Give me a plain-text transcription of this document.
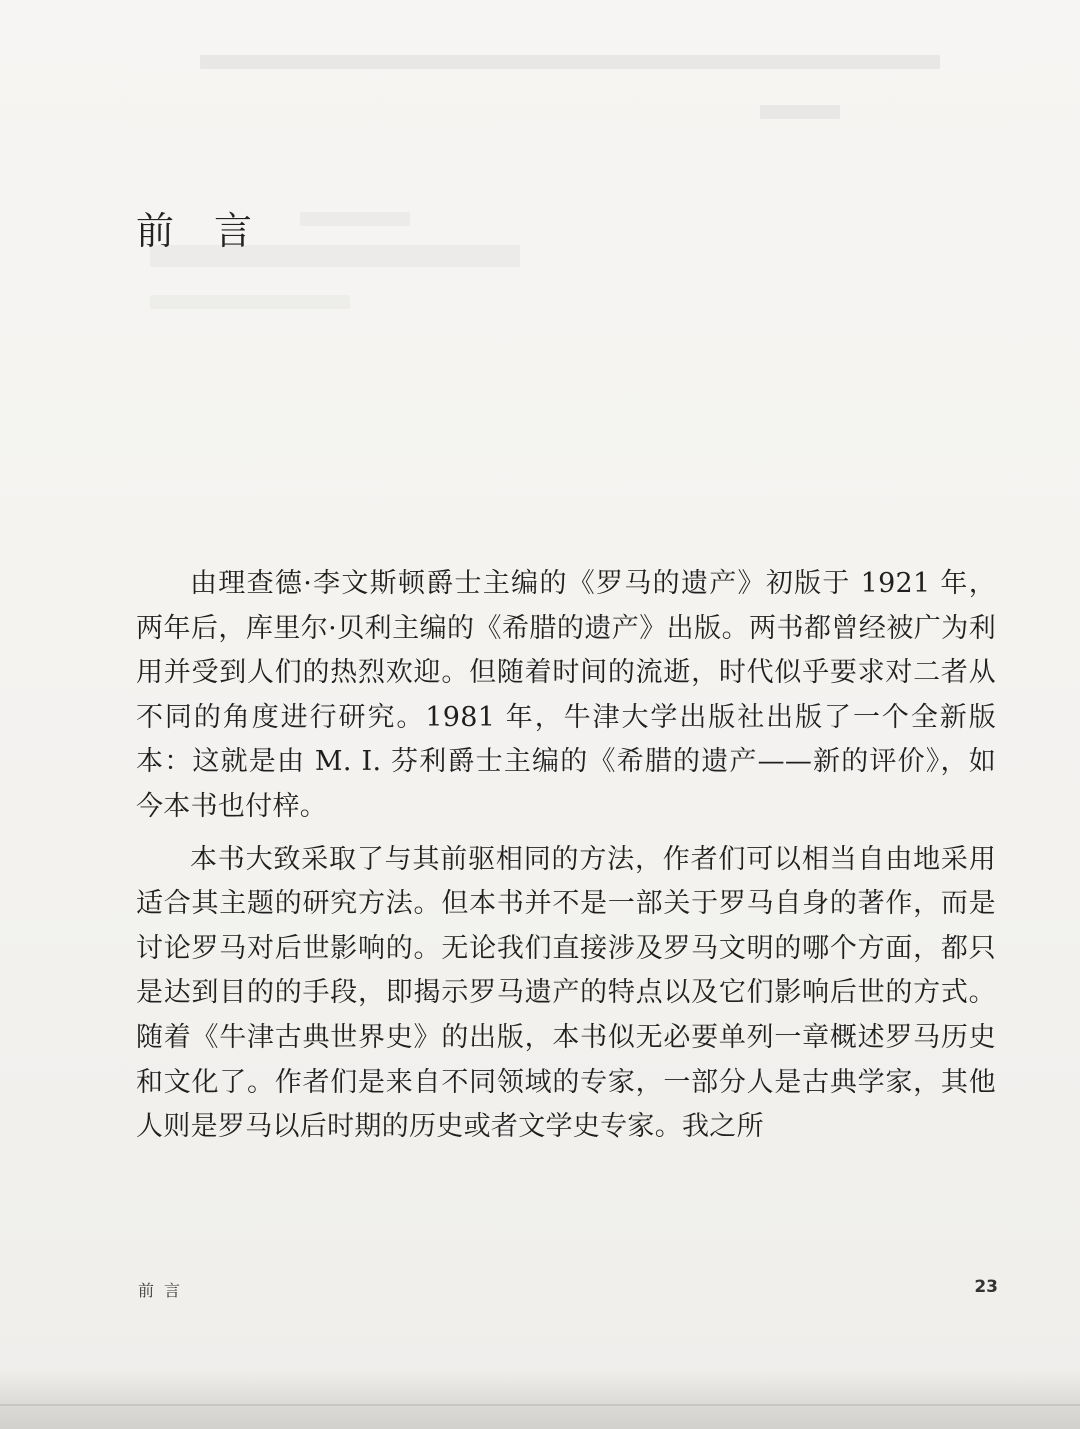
前言

由理查德·李文斯顿爵士主编的《罗马的遗产》初版于 1921 年，两年后，库里尔·贝利主编的《希腊的遗产》出版。两书都曾经被广为利用并受到人们的热烈欢迎。但随着时间的流逝，时代似乎要求对二者从不同的角度进行研究。1981 年，牛津大学出版社出版了一个全新版本：这就是由 M. I. 芬利爵士主编的《希腊的遗产——新的评价》，如今本书也付梓。

本书大致采取了与其前驱相同的方法，作者们可以相当自由地采用适合其主题的研究方法。但本书并不是一部关于罗马自身的著作，而是讨论罗马对后世影响的。无论我们直接涉及罗马文明的哪个方面，都只是达到目的的手段，即揭示罗马遗产的特点以及它们影响后世的方式。随着《牛津古典世界史》的出版，本书似无必要单列一章概述罗马历史和文化了。作者们是来自不同领域的专家，一部分人是古典学家，其他人则是罗马以后时期的历史或者文学史专家。我之所

前言	23
